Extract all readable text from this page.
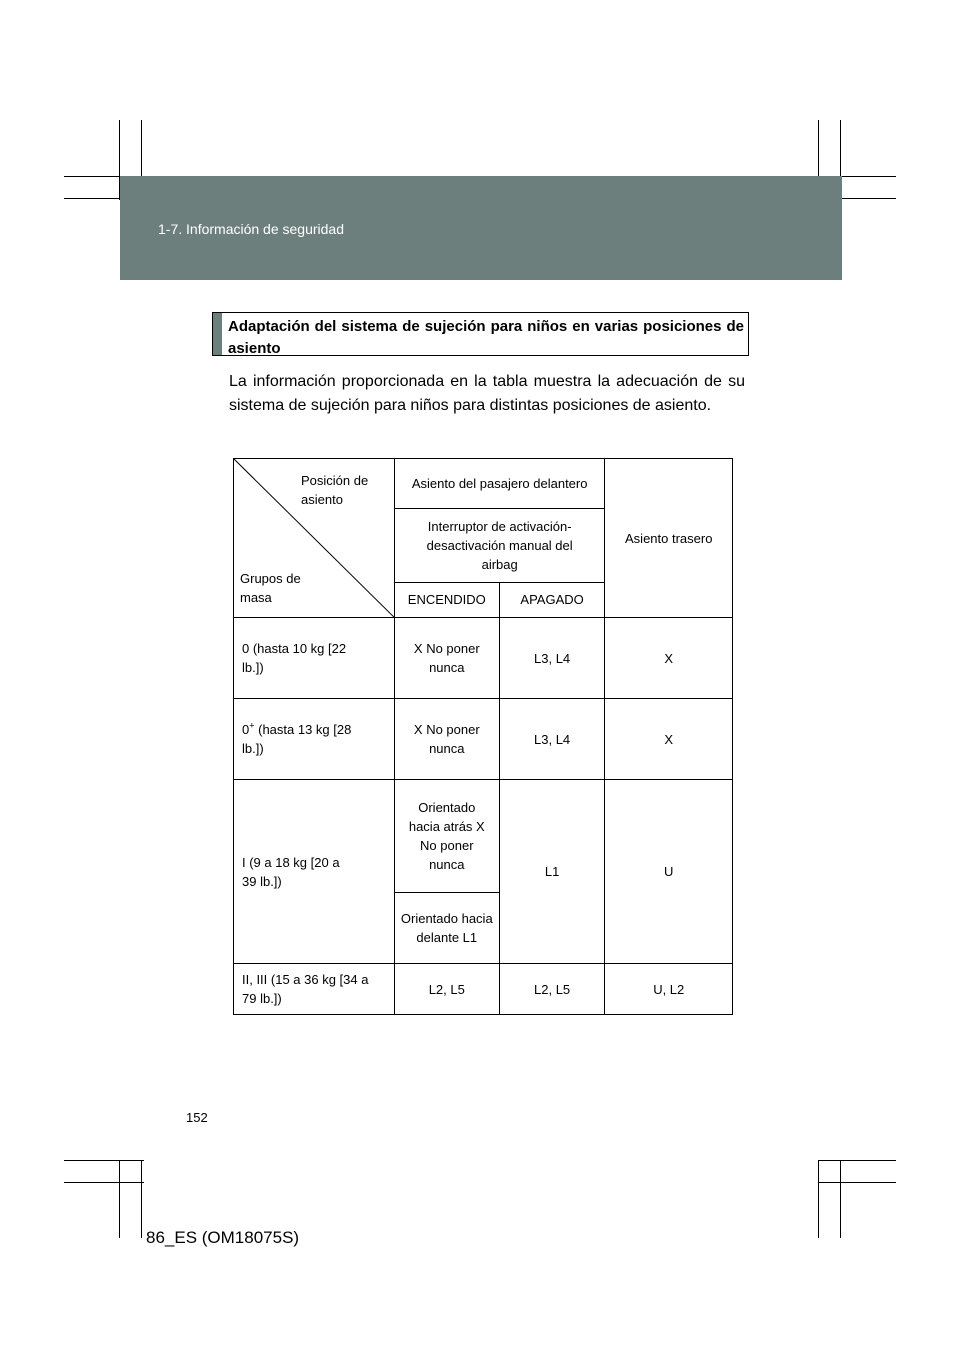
1-7. Información de seguridad
Adaptación del sistema de sujeción para niños en varias posiciones de asiento
La información proporcionada en la tabla muestra la adecuación de su sistema de sujeción para niños para distintas posiciones de asiento.
Posición de asiento
Grupos de masa	Asiento del pasajero delantero		Asiento trasero
	Interruptor de activación-desactivación manual del airbag		
	ENCENDIDO	APAGADO	
0 (hasta 10 kg [22 lb.])	X No poner nunca	L3, L4	X
0+ (hasta 13 kg [28 lb.])	X No poner nunca	L3, L4	X
I (9 a 18 kg [20 a 39 lb.])	Orientado hacia atrás X No poner nunca	L1	U
	Orientado hacia delante L1		
II, III (15 a 36 kg [34 a 79 lb.])	L2, L5	L2, L5	U, L2
152
86_ES (OM18075S)
